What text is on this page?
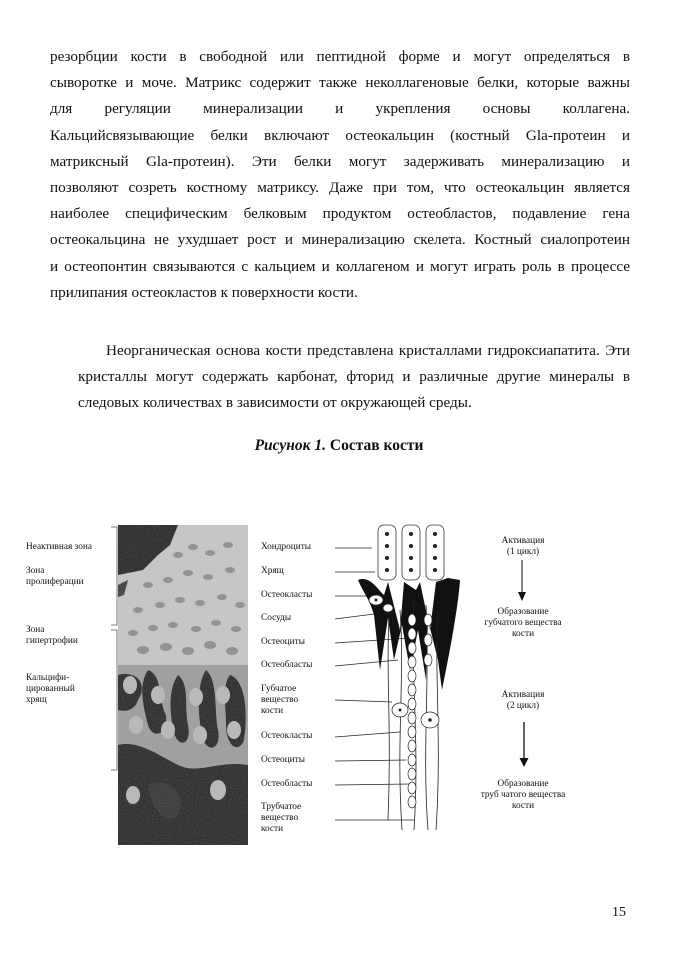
резорбции кости в свободной или пептидной форме и могут определяться в
сыворотке и моче. Матрикс содержит также неколлагеновые белки, которые важны
для регуляции минерализации и укрепления основы коллагена.
Кальцийсвязывающие белки включают остеокальцин (костный Gla-протеин и
матриксный Gla-протеин). Эти белки могут задерживать минерализацию и
позволяют созреть костному матриксу. Даже при том, что остеокальцин является
наиболее специфическим белковым продуктом остеобластов, подавление гена
остеокальцина не ухудшает рост и минерализацию скелета. Костный сиалопротеин
и остеопонтин связываются с кальцием и коллагеном и могут играть роль в процессе
прилипания остеокластов к поверхности кости.
Неорганическая основа кости представлена кристаллами гидроксиапатита. Эти
кристаллы могут содержать карбонат, фторид и различные другие минералы в
следовых количествах в зависимости от окружающей среды.
Рисунок 1. Состав кости
Неактивная зона
Зона
пролиферации
Зона
гипертрофии
Кальцифи-
цированный
хрящ
Хондроциты
Хрящ
Остеокласты
Сосуды
Остеоциты
Остеобласты
Губчатое
вещество
кости
Остеокласты
Остеоциты
Остеобласты
Трубчатое
вещество
кости
Активация
(1 цикл)
Образование
губчатого вещества
кости
Активация
(2 цикл)
Образование
труб чатого вещества
кости
15
